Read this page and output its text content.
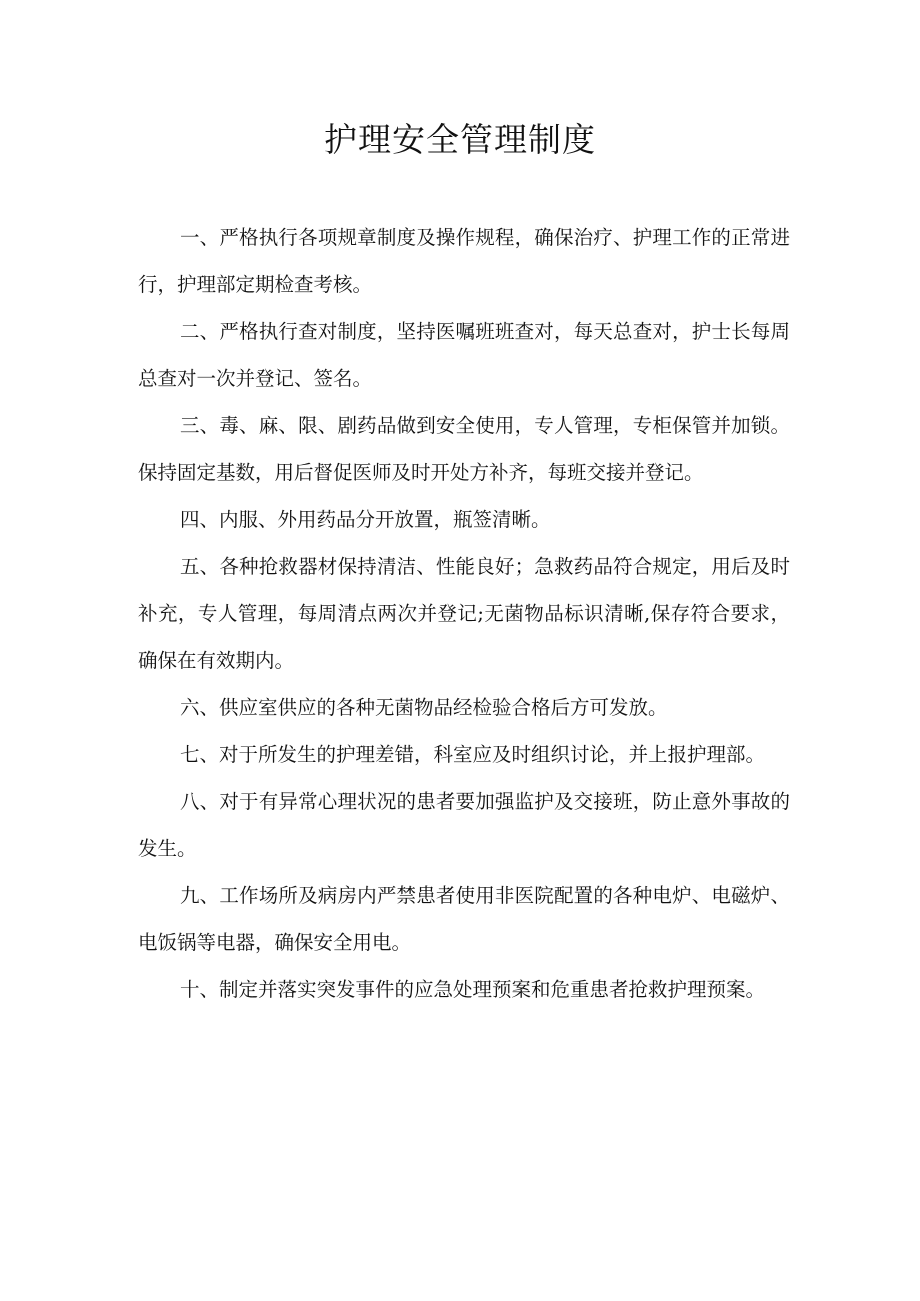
护理安全管理制度

一、严格执行各项规章制度及操作规程，确保治疗、护理工作的正常进行，护理部定期检查考核。

二、严格执行查对制度，坚持医嘱班班查对，每天总查对，护士长每周总查对一次并登记、签名。

三、毒、麻、限、剧药品做到安全使用，专人管理，专柜保管并加锁。保持固定基数，用后督促医师及时开处方补齐，每班交接并登记。

四、内服、外用药品分开放置，瓶签清晰。

五、各种抢救器材保持清洁、性能良好；急救药品符合规定，用后及时补充，专人管理，每周清点两次并登记;无菌物品标识清晰,保存符合要求，确保在有效期内。

六、供应室供应的各种无菌物品经检验合格后方可发放。

七、对于所发生的护理差错，科室应及时组织讨论，并上报护理部。

八、对于有异常心理状况的患者要加强监护及交接班，防止意外事故的发生。

九、工作场所及病房内严禁患者使用非医院配置的各种电炉、电磁炉、电饭锅等电器，确保安全用电。

十、制定并落实突发事件的应急处理预案和危重患者抢救护理预案。
